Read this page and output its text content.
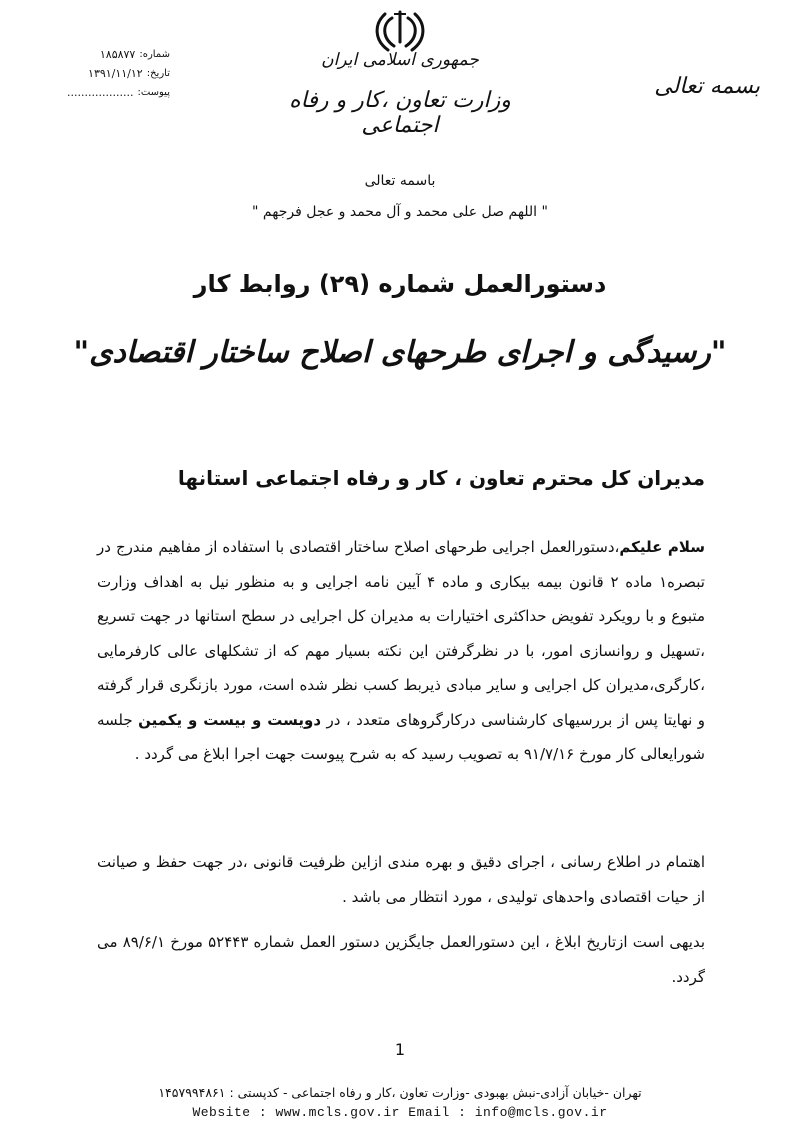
جمهوری اسلامی ایران
وزارت تعاون ،کار و رفاه اجتماعی
بسمه تعالی
شماره:
۱۸۵۸۷۷
تاریخ:
۱۳۹۱/۱۱/۱۲
پیوست:
...................
باسمه تعالی
" اللهم صل علی محمد و آل محمد و عجل فرجهم "
دستورالعمل شماره (۲۹) روابط کار
"رسیدگی و اجرای طرحهای اصلاح ساختار اقتصادی"
مدیران کل محترم تعاون ، کار و رفاه اجتماعی استانها
سلام علیکم،دستورالعمل اجرایی طرحهای اصلاح ساختار اقتصادی با استفاده از مفاهیم مندرج در تبصره۱ ماده ۲ قانون بیمه بیکاری و ماده ۴ آیین نامه اجرایی و به منظور نیل به اهداف وزارت متبوع و با رویکرد تفویض حداکثری اختیارات به مدیران کل اجرایی در سطح استانها در جهت تسریع ،تسهیل و روانسازی امور، با در نظرگرفتن این نکته بسیار مهم که از تشکلهای عالی کارفرمایی ،کارگری،مدیران کل اجرایی و سایر مبادی ذیربط کسب نظر شده است، مورد بازنگری قرار گرفته و نهایتا پس از بررسیهای کارشناسی درکارگروهای متعدد ، در دویست و بیست و یکمین جلسه شورایعالی کار مورخ ۹۱/۷/۱۶ به تصویب رسید که به شرح پیوست جهت اجرا ابلاغ می گردد .
اهتمام در اطلاع رسانی ، اجرای دقیق و بهره مندی ازاین ظرفیت قانونی ،در جهت حفظ و صیانت از حیات اقتصادی واحدهای تولیدی ، مورد انتظار می باشد .
بدیهی است ازتاریخ ابلاغ ، این دستورالعمل جایگزین دستور العمل شماره ۵۲۴۴۳ مورخ ۸۹/۶/۱ می گردد.
1
تهران -خیابان آزادی-نبش بهبودی -وزارت تعاون ،کار و رفاه اجتماعی - کدپستی : ۱۴۵۷۹۹۴۸۶۱
Website : www.mcls.gov.ir Email : info@mcls.gov.ir
